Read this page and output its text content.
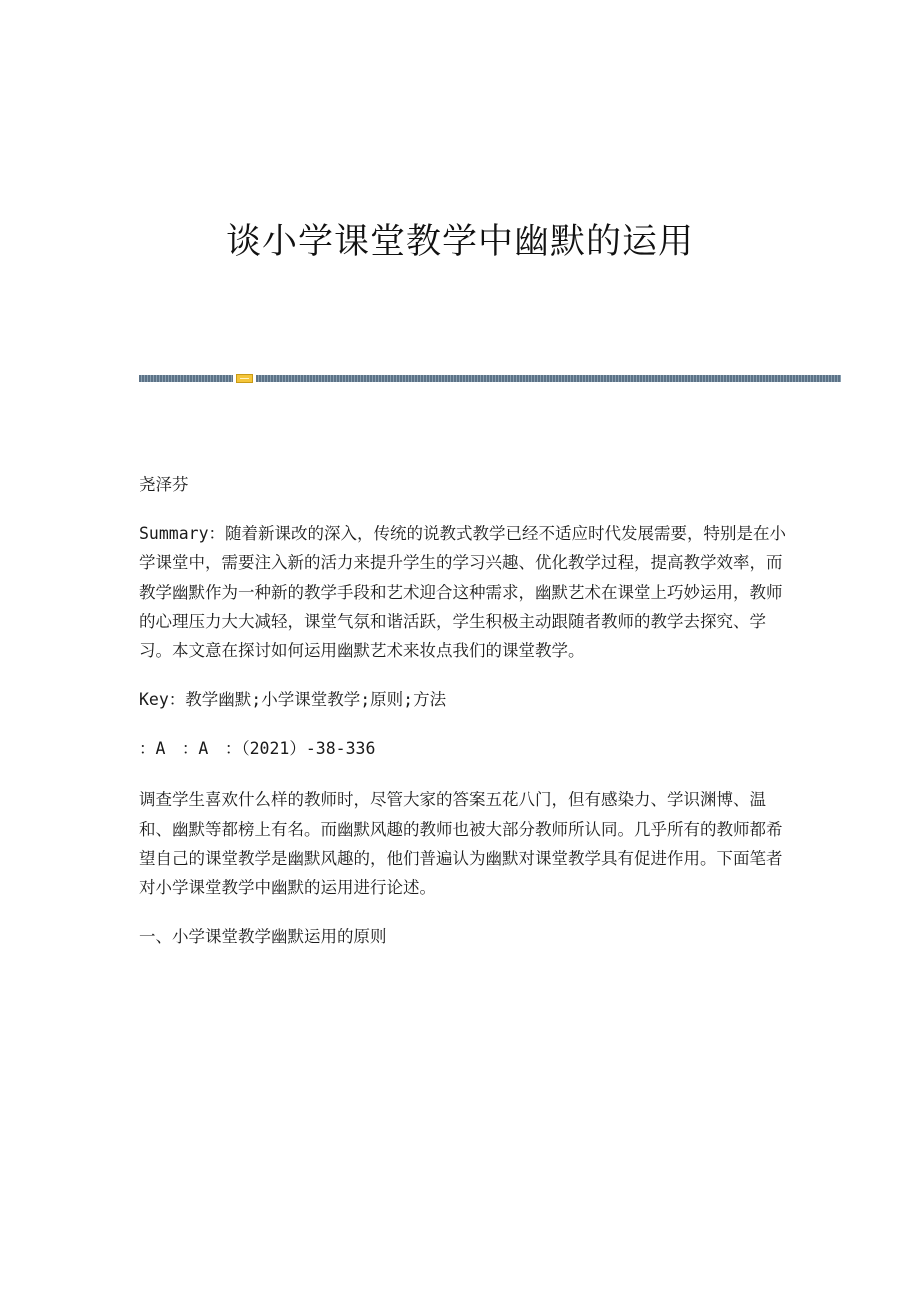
谈小学课堂教学中幽默的运用

尧泽芬

Summary：随着新课改的深入，传统的说教式教学已经不适应时代发展需要，特别是在小学课堂中，需要注入新的活力来提升学生的学习兴趣、优化教学过程，提高教学效率，而教学幽默作为一种新的教学手段和艺术迎合这种需求，幽默艺术在课堂上巧妙运用，教师的心理压力大大减轻，课堂气氛和谐活跃，学生积极主动跟随者教师的教学去探究、学习。本文意在探讨如何运用幽默艺术来妆点我们的课堂教学。

Key：教学幽默;小学课堂教学;原则;方法

：A　：A　：（2021）-38-336

调查学生喜欢什么样的教师时，尽管大家的答案五花八门，但有感染力、学识渊博、温和、幽默等都榜上有名。而幽默风趣的教师也被大部分教师所认同。几乎所有的教师都希望自己的课堂教学是幽默风趣的，他们普遍认为幽默对课堂教学具有促进作用。下面笔者对小学课堂教学中幽默的运用进行论述。

一、小学课堂教学幽默运用的原则
